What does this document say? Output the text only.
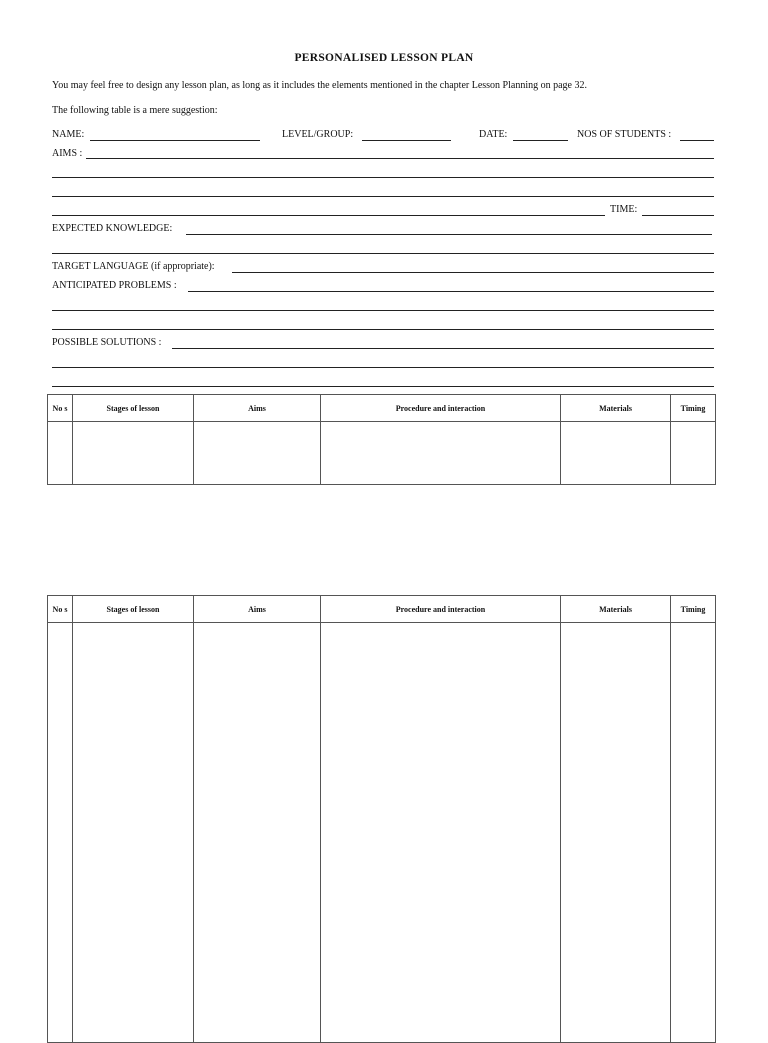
PERSONALISED LESSON PLAN
You may feel free to design any lesson plan, as long as it includes the elements mentioned in the chapter Lesson Planning on page 32.
The following table is a mere suggestion:
NAME:	LEVEL/GROUP:	DATE:	NOS OF STUDENTS :
AIMS :
TIME:
EXPECTED KNOWLEDGE:
TARGET LANGUAGE (if appropriate):
ANTICIPATED PROBLEMS :
POSSIBLE SOLUTIONS :
No s	Stages of lesson	Aims	Procedure and interaction	Materials	Timing

No s	Stages of lesson	Aims	Procedure and interaction	Materials	Timing
